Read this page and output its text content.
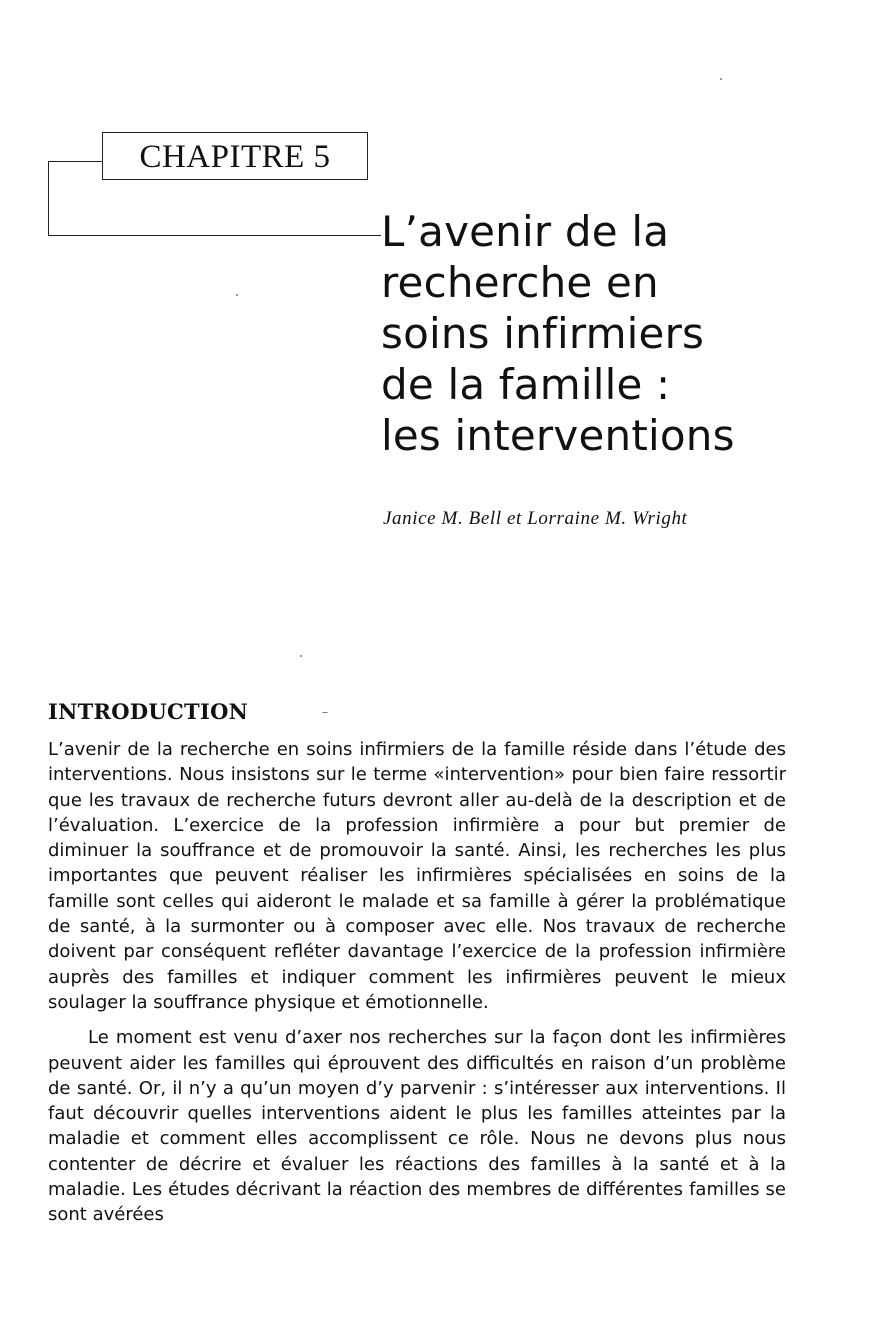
CHAPITRE 5
L’avenir de la
recherche en
soins infirmiers
de la famille :
les interventions
Janice M. Bell et Lorraine M. Wright
INTRODUCTION

L’avenir de la recherche en soins infirmiers de la famille réside dans l’étude des interventions. Nous insistons sur le terme «intervention» pour bien faire ressortir que les travaux de recherche futurs devront aller au-delà de la description et de l’évaluation. L’exercice de la profession infirmière a pour but premier de diminuer la souffrance et de promouvoir la santé. Ainsi, les recherches les plus importantes que peuvent réaliser les infirmières spécialisées en soins de la famille sont celles qui aideront le malade et sa famille à gérer la problématique de santé, à la surmonter ou à composer avec elle. Nos travaux de recherche doivent par conséquent refléter davantage l’exercice de la profession infirmière auprès des familles et indiquer comment les infirmières peuvent le mieux soulager la souffrance physique et émotionnelle.

Le moment est venu d’axer nos recherches sur la façon dont les infirmières peuvent aider les familles qui éprouvent des difficultés en raison d’un problème de santé. Or, il n’y a qu’un moyen d’y parvenir : s’intéresser aux interventions. Il faut découvrir quelles interventions aident le plus les familles atteintes par la maladie et comment elles accomplissent ce rôle. Nous ne devons plus nous contenter de décrire et évaluer les réactions des familles à la santé et à la maladie. Les études décrivant la réaction des membres de différentes familles se sont avérées
